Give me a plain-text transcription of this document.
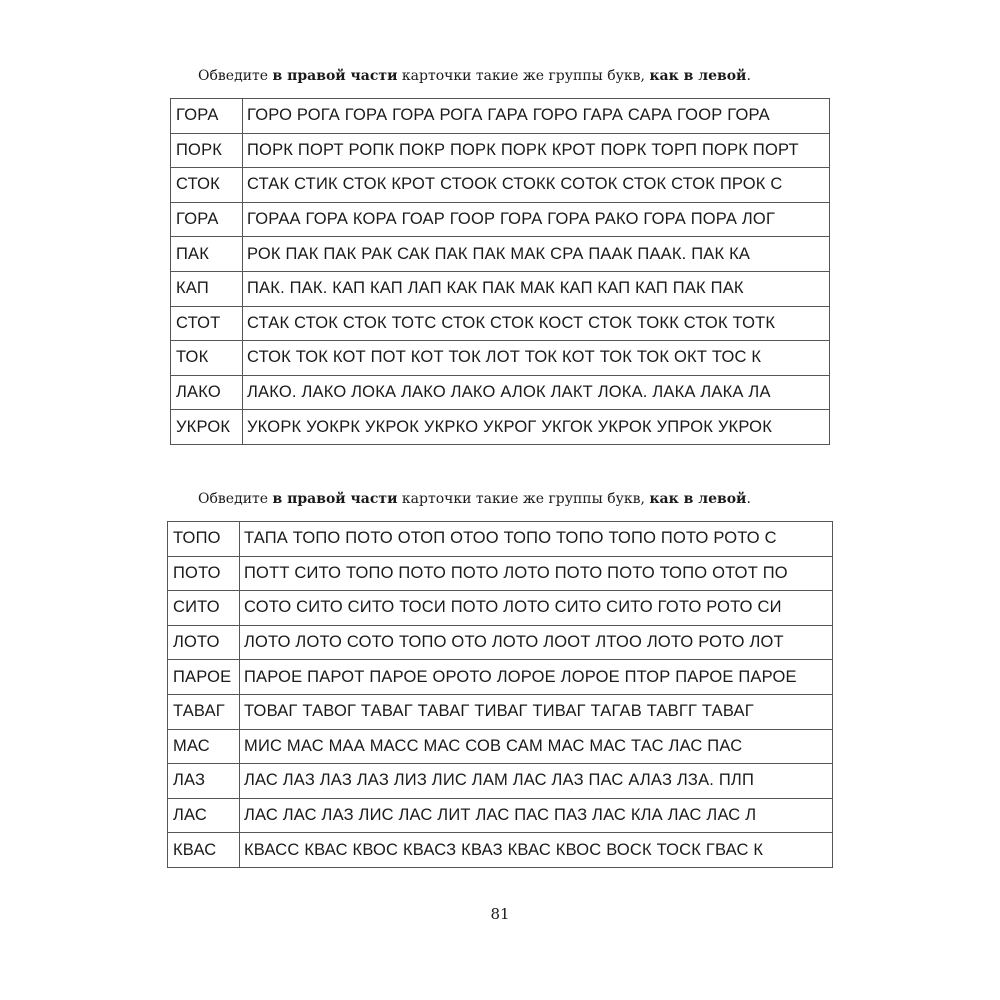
Обведите в правой части карточки такие же группы букв, как в левой.
ГОРА	ГОРО РОГА ГОРА ГОРА РОГА ГАРА ГОРО ГАРА САРА ГООР ГОРА
ПОРК	ПОРК ПОРТ РОПК ПОКР ПОРК ПОРК КРОТ ПОРК ТОРП ПОРК ПОРТ
СТОК	СТАК СТИК СТОК КРОТ СТООК СТОКК СОТОК СТОК СТОК ПРОК С
ГОРА	ГОРАА ГОРА КОРА ГОАР ГООР ГОРА ГОРА РАКО ГОРА ПОРА ЛОГ
ПАК	РОК ПАК ПАК РАК САК ПАК ПАК МАК СРА ПААК ПААК. ПАК КА
КАП	ПАК. ПАК. КАП КАП ЛАП КАК ПАК МАК КАП КАП КАП ПАК ПАК
СТОТ	СТАК СТОК СТОК ТОТС СТОК СТОК КОСТ СТОК ТОКК СТОК ТОТК
ТОК	СТОК ТОК КОТ ПОТ КОТ ТОК ЛОТ ТОК КОТ ТОК ТОК ОКТ ТОС К
ЛАКО	ЛАКО. ЛАКО ЛОКА ЛАКО ЛАКО АЛОК ЛАКТ ЛОКА. ЛАКА ЛАКА ЛА
УКРОК	УКОРК УОКРК УКРОК УКРКО УКРОГ УКГОК УКРОК УПРОК УКРОК
Обведите в правой части карточки такие же группы букв, как в левой.
ТОПО	ТАПА ТОПО ПОТО ОТОП ОТОО ТОПО ТОПО ТОПО ПОТО РОТО С
ПОТО	ПОТТ СИТО ТОПО ПОТО ПОТО ЛОТО ПОТО ПОТО ТОПО ОТОТ ПО
СИТО	СОТО СИТО СИТО ТОСИ ПОТО ЛОТО СИТО СИТО ГОТО РОТО СИ
ЛОТО	ЛОТО ЛОТО СОТО ТОПО ОТО ЛОТО ЛООТ ЛТОО ЛОТО РОТО ЛОТ
ПАРОЕ	ПАРОЕ ПАРОТ ПАРОЕ ОРОТО ЛОРОЕ ЛОРОЕ ПТОР ПАРОЕ ПАРОЕ
ТАВАГ	ТОВАГ ТАВОГ ТАВАГ ТАВАГ ТИВАГ ТИВАГ ТАГАВ ТАВГГ ТАВАГ
МАС	МИС МАС МАА МАСС МАС СОВ САМ МАС МАС ТАС ЛАС ПАС
ЛАЗ	ЛАС ЛАЗ ЛАЗ ЛАЗ ЛИЗ ЛИС ЛАМ ЛАС ЛАЗ ПАС АЛАЗ ЛЗА. ПЛП
ЛАС	ЛАС ЛАС ЛАЗ ЛИС ЛАС ЛИТ ЛАС ПАС ПАЗ ЛАС КЛА ЛАС ЛАС Л
КВАС	КВАСС КВАС КВОС КВАСЗ КВАЗ КВАС КВОС ВОСК ТОСК ГВАС К
81
